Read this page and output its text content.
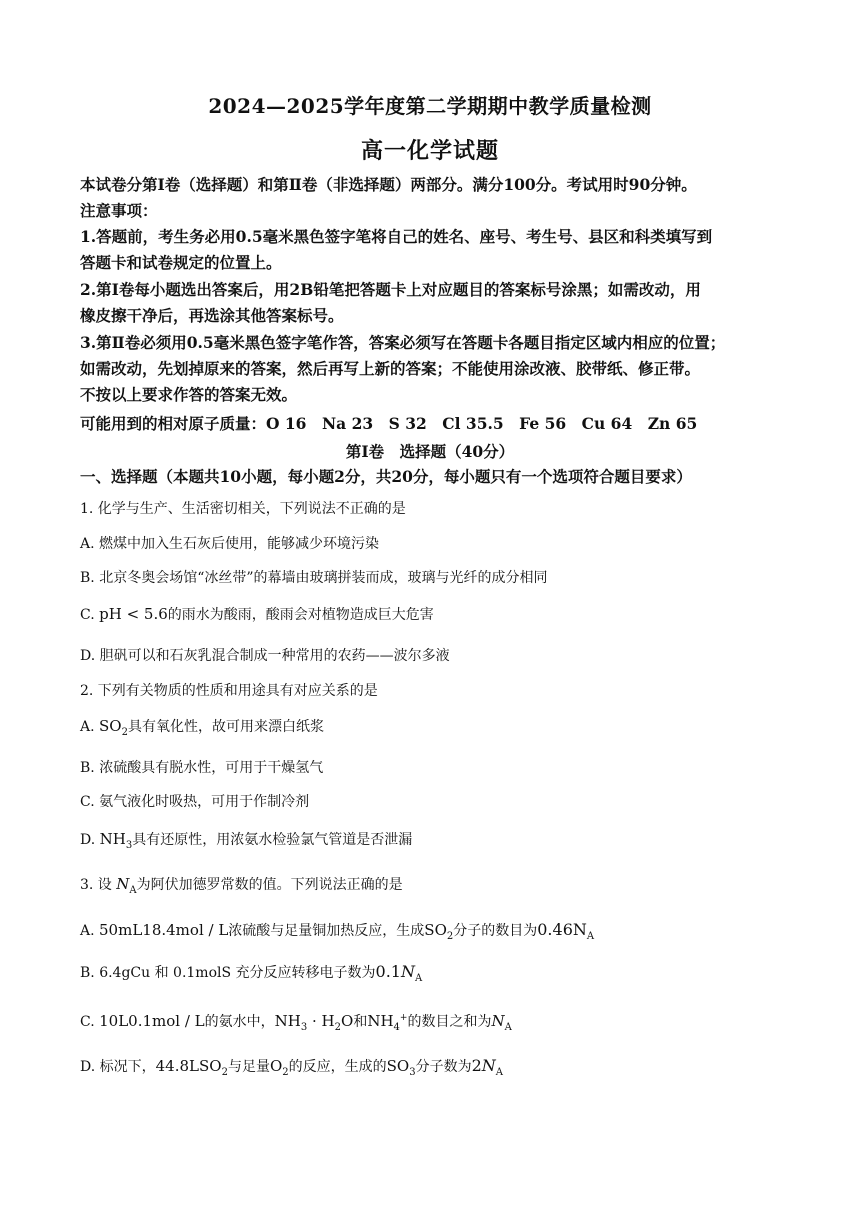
2024—2025学年度第二学期期中教学质量检测
高一化学试题
本试卷分第Ⅰ卷（选择题）和第Ⅱ卷（非选择题）两部分。满分100分。考试用时90分钟。
注意事项：
1.答题前，考生务必用0.5毫米黑色签字笔将自己的姓名、座号、考生号、县区和科类填写到
答题卡和试卷规定的位置上。
2.第Ⅰ卷每小题选出答案后，用2B铅笔把答题卡上对应题目的答案标号涂黑；如需改动，用
橡皮擦干净后，再选涂其他答案标号。
3.第Ⅱ卷必须用0.5毫米黑色签字笔作答，答案必须写在答题卡各题目指定区域内相应的位置；
如需改动，先划掉原来的答案，然后再写上新的答案；不能使用涂改液、胶带纸、修正带。
不按以上要求作答的答案无效。
可能用到的相对原子质量：O 16　Na 23　S 32　Cl 35.5　Fe 56　Cu 64　Zn 65
第Ⅰ卷　选择题（40分）
一、选择题（本题共10小题，每小题2分，共20分，每小题只有一个选项符合题目要求）
1. 化学与生产、生活密切相关，下列说法不正确的是
A. 燃煤中加入生石灰后使用，能够减少环境污染
B. 北京冬奥会场馆“冰丝带”的幕墙由玻璃拼装而成，玻璃与光纤的成分相同
C. pH < 5.6的雨水为酸雨，酸雨会对植物造成巨大危害
D. 胆矾可以和石灰乳混合制成一种常用的农药——波尔多液
2. 下列有关物质的性质和用途具有对应关系的是
A. $SO_2$具有氧化性，故可用来漂白纸浆
B. 浓硫酸具有脱水性，可用于干燥氢气
C. 氨气液化时吸热，可用于作制冷剂
D. $NH_3$具有还原性，用浓氨水检验氯气管道是否泄漏
3. 设 $N_A$为阿伏加德罗常数的值。下列说法正确的是
A. 50mL18.4mol / L浓硫酸与足量铜加热反应，生成$SO_2$分子的数目为$0.46N_A$
B. 6.4gCu 和 0.1molS 充分反应转移电子数为$0.1N_A$
C. 10L0.1mol / L的氨水中，$NH_3 \cdot H_2O$和$NH_4^+$的数目之和为$N_A$
D. 标况下，$44.8LSO_2$与足量$O_2$的反应，生成的$SO_3$分子数为$2N_A$
